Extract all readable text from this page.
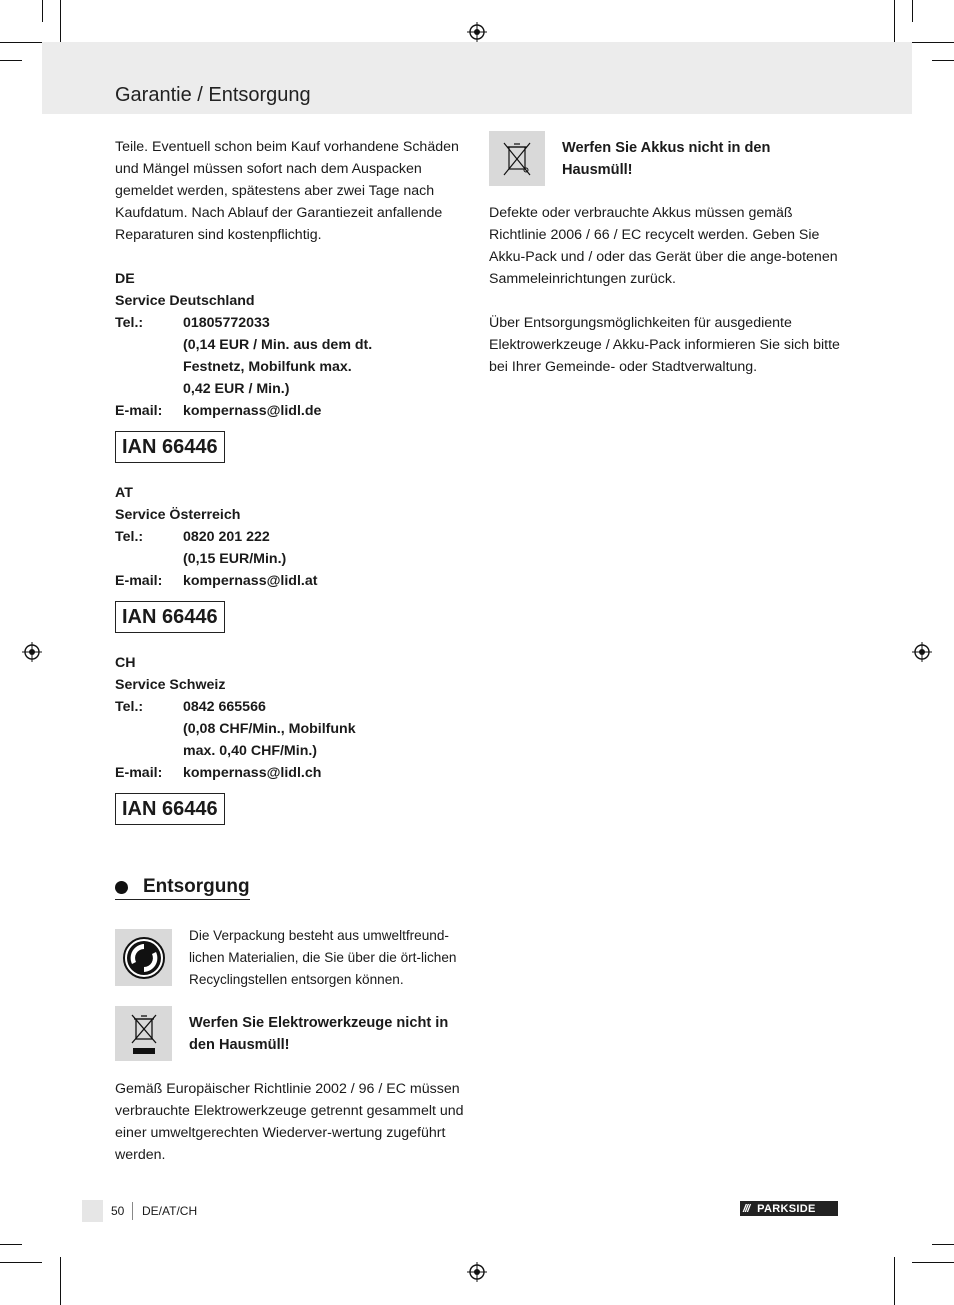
Garantie / Entsorgung

Teile. Eventuell schon beim Kauf vorhandene Schäden und Mängel müssen sofort nach dem Auspacken gemeldet werden, spätestens aber zwei Tage nach Kaufdatum. Nach Ablauf der Garantiezeit anfallende Reparaturen sind kostenpflichtig.

DE
Service Deutschland
Tel.:	01805772033
(0,14 EUR / Min. aus dem dt.
Festnetz, Mobilfunk max.
0,42 EUR / Min.)
E-mail:	kompernass@lidl.de
IAN 66446
AT
Service Österreich
Tel.:	0820 201 222
(0,15 EUR/Min.)
E-mail:	kompernass@lidl.at
IAN 66446
CH
Service Schweiz
Tel.:	0842 665566
(0,08 CHF/Min., Mobilfunk
max. 0,40 CHF/Min.)
E-mail:	kompernass@lidl.ch
IAN 66446
Entsorgung
Die Verpackung besteht aus umweltfreund-lichen Materialien, die Sie über die ört-lichen Recyclingstellen entsorgen können.
Werfen Sie Elektrowerkzeuge nicht in den Hausmüll!
Gemäß Europäischer Richtlinie 2002 / 96 / EC müssen verbrauchte Elektrowerkzeuge getrennt gesammelt und einer umweltgerechten Wiederver-wertung zugeführt werden.
Werfen Sie Akkus nicht in den Hausmüll!

Defekte oder verbrauchte Akkus müssen gemäß Richtlinie 2006 / 66 / EC recycelt werden. Geben Sie Akku-Pack und / oder das Gerät über die ange-botenen Sammeleinrichtungen zurück.

Über Entsorgungsmöglichkeiten für ausgediente Elektrowerkzeuge / Akku-Pack informieren Sie sich bitte bei Ihrer Gemeinde- oder Stadtverwaltung.

50 DE/AT/CH	/// PARKSIDE
